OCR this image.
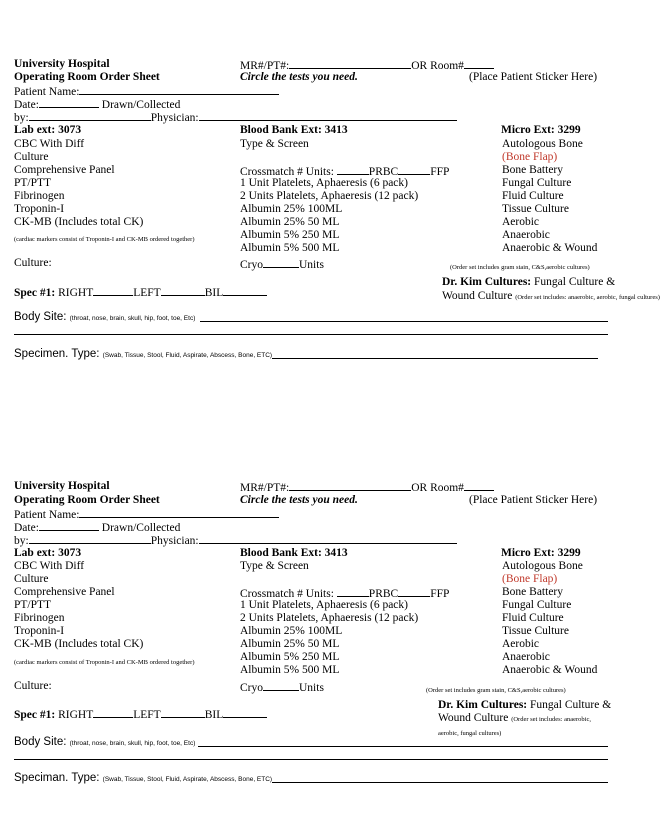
University Hospital
Operating Room Order Sheet
Patient Name:
Date:	Drawn/Collected
by:	Physician:
MR#/PT#:	OR Room#
Circle the tests you need.	(Place Patient Sticker Here)
Lab ext: 3073
CBC With Diff
Culture
Comprehensive Panel
PT/PTT
Fibrinogen
Troponin-I
CK-MB (Includes total CK)
(cardiac markers consist of Troponin-I and CK-MB ordered together)
Culture:
Blood Bank Ext: 3413
Type & Screen
Crossmatch # Units:	PRBC	FFP
1 Unit Platelets, Aphaeresis (6 pack)
2 Units Platelets, Aphaeresis (12 pack)
Albumin 25% 100ML
Albumin 25% 50 ML
Albumin 5% 250 ML
Albumin 5% 500 ML
Cryo	Units
Micro Ext: 3299
Autologous Bone
(Bone Flap)
Bone Battery
Fungal Culture
Fluid Culture
Tissue Culture
Aerobic
Anaerobic
Anaerobic & Wound
(Order set includes gram stain, C&S,aerobic cultures)
Spec #1: RIGHT	LEFT	BIL
Dr. Kim Cultures: Fungal Culture &
Wound Culture (Order set includes: anaerobic, aerobic, fungal cultures)
Body Site: (throat, nose, brain, skull, hip, foot, toe, Etc)
Specimen. Type: (Swab, Tissue, Stool, Fluid, Aspirate, Abscess, Bone, ETC)
University Hospital
Operating Room Order Sheet
Patient Name:
Date:	Drawn/Collected
by:	Physician:
MR#/PT#:	OR Room#
Circle the tests you need.	(Place Patient Sticker Here)
Lab ext: 3073
CBC With Diff
Culture
Comprehensive Panel
PT/PTT
Fibrinogen
Troponin-I
CK-MB (Includes total CK)
(cardiac markers consist of Troponin-I and CK-MB ordered together)
Culture:
Blood Bank Ext: 3413
Type & Screen
Crossmatch # Units:	PRBC	FFP
1 Unit Platelets, Aphaeresis (6 pack)
2 Units Platelets, Aphaeresis (12 pack)
Albumin 25% 100ML
Albumin 25% 50 ML
Albumin 5% 250 ML
Albumin 5% 500 ML
Cryo	Units
Micro Ext: 3299
Autologous Bone
(Bone Flap)
Bone Battery
Fungal Culture
Fluid Culture
Tissue Culture
Aerobic
Anaerobic
Anaerobic & Wound
(Order set includes gram stain, C&S,aerobic cultures)
Spec #1: RIGHT	LEFT	BIL
Dr. Kim Cultures: Fungal Culture &
Wound Culture (Order set includes: anaerobic, aerobic, fungal cultures)
Body Site: (throat, nose, brain, skull, hip, foot, toe, Etc)
Speciman. Type: (Swab, Tissue, Stool, Fluid, Aspirate, Abscess, Bone, ETC)
